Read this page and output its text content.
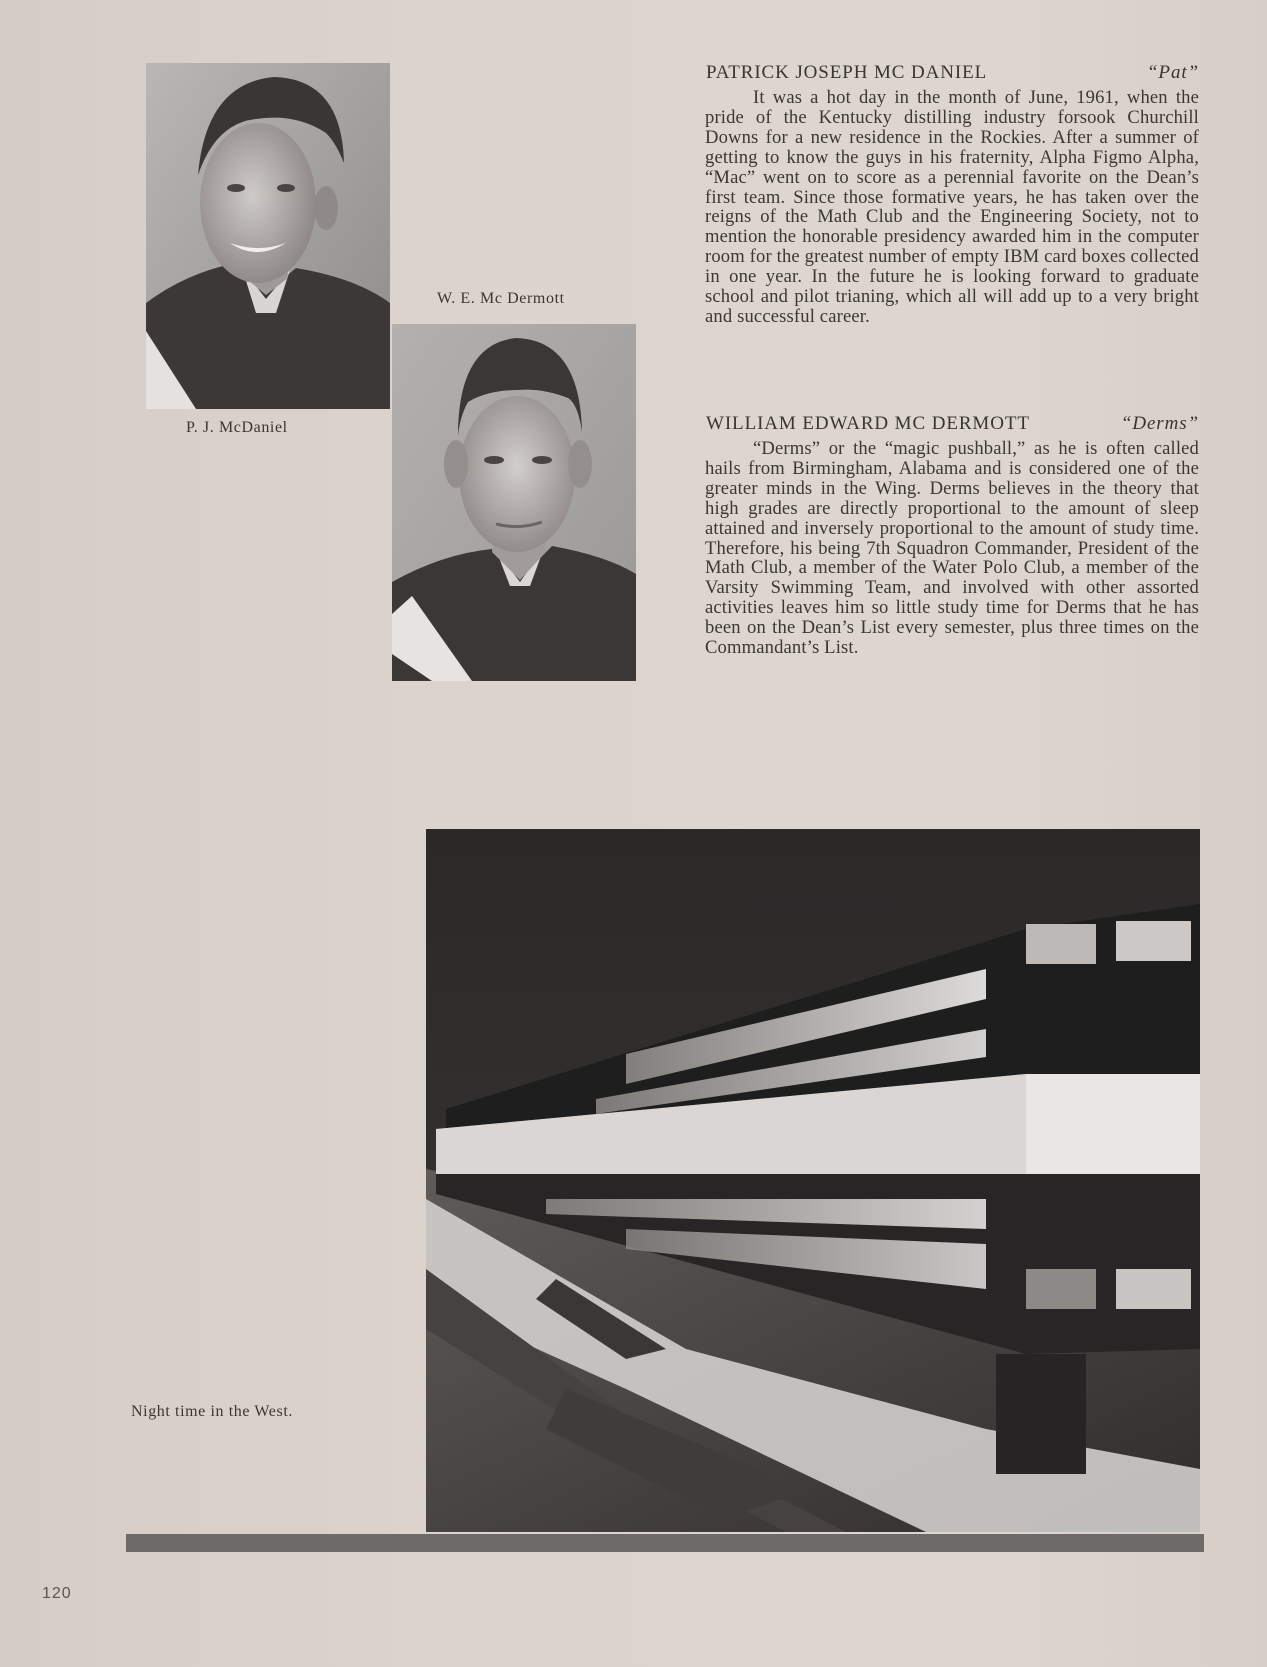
P. J. McDaniel
W. E. Mc Dermott
PATRICK JOSEPH MC DANIEL	“Pat”

It was a hot day in the month of June, 1961, when the pride of the Kentucky distilling industry forsook Churchill Downs for a new residence in the Rockies. After a summer of getting to know the guys in his fraternity, Alpha Figmo Alpha, “Mac” went on to score as a perennial favorite on the Dean’s first team. Since those formative years, he has taken over the reigns of the Math Club and the Engineering Society, not to mention the honorable presidency awarded him in the computer room for the greatest number of empty IBM card boxes collected in one year. In the future he is looking forward to graduate school and pilot trianing, which all will add up to a very bright and successful career.

WILLIAM EDWARD MC DERMOTT	“Derms”

“Derms” or the “magic pushball,” as he is often called hails from Birmingham, Alabama and is considered one of the greater minds in the Wing. Derms believes in the theory that high grades are directly proportional to the amount of sleep attained and inversely proportional to the amount of study time. Therefore, his being 7th Squadron Commander, President of the Math Club, a member of the Water Polo Club, a member of the Varsity Swimming Team, and involved with other assorted activities leaves him so little study time for Derms that he has been on the Dean’s List every semester, plus three times on the Commandant’s List.

Night time in the West.
120
